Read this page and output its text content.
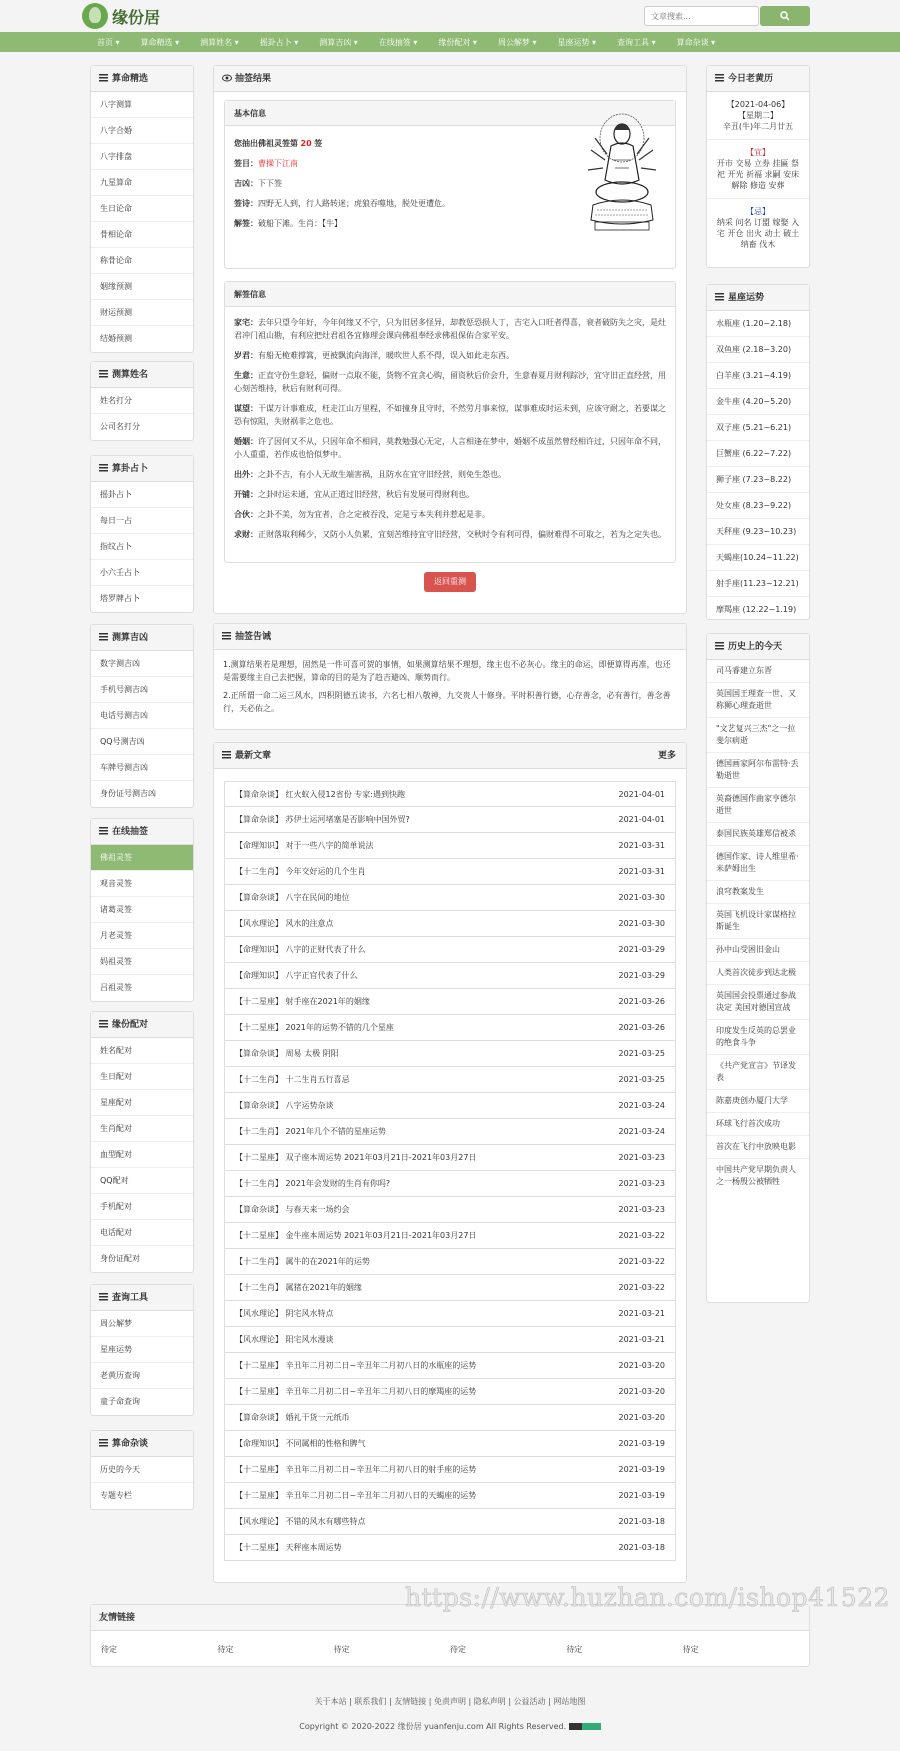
缘份居
文章搜索...
首页 ▾	算命精选 ▾	测算姓名 ▾	摇卦占卜 ▾	测算吉凶 ▾	在线抽签 ▾	缘份配对 ▾	周公解梦 ▾	星座运势 ▾	查询工具 ▾	算命杂谈 ▾
算命精选
八字测算
八字合婚
八字排盘
九星算命
生日论命
骨相论命
称骨论命
姻缘预测
财运预测
结婚预测
测算姓名
姓名打分
公司名打分
算卦占卜
摇卦占卜
每日一占
指纹占卜
小六壬占卜
塔罗牌占卜
测算吉凶
数字测吉凶
手机号测吉凶
电话号测吉凶
QQ号测吉凶
车牌号测吉凶
身份证号测吉凶
在线抽签
佛祖灵签
观音灵签
诸葛灵签
月老灵签
妈祖灵签
吕祖灵签
缘份配对
姓名配对
生日配对
星座配对
生肖配对
血型配对
QQ配对
手机配对
电话配对
身份证配对
查询工具
周公解梦
星座运势
老黄历查询
童子命查询
算命杂谈
历史的今天
专题专栏
抽签结果
基本信息
您抽出佛祖灵签第 20 签
签目：曹操下江南
吉凶：下下签
签诗：四野无人到，行人路转迷；虎狼吞噬地，脱处更遭危。
解签：破船下滩。生肖：【牛】
解签信息
家宅：去年只望今年好，今年何缘又不宁，只为旧居多怪异，却教惩恐损人丁，吉宅入口旺者得喜，衰者破防失之灾，是灶君冲门祖山勘，有利应把灶君祖各宜修理会课向佛祖奉经求佛祖保佑合家平安。
岁君：有船无桅难撑篙，更被飘流向海洋，暖吹世人系不得，误入如此走东西。
生意：正直守份生意轻，偏财一点取不能，货物不宜贪心购，留资秋后价会升，生意春夏月财利踪沙，宜守旧正直经营，用心刻苦维持，秋后有财利可得。
谋望：干谋万计事难成，枉走江山万里程，不如撞身且守时，不然劳月事来惊，谋事难成时运未到，应该守耐之，若要谋之恐有惊阻，失财祸非之危也。
婚姻：许了因何又不从，只因年命不相同，莫教勉强心无定，人言相逢在梦中，婚姻不成虽然曾经相许过，只因年命不同，小人重重，若作成也恰似梦中。
出外：之卦不吉，有小人无故生端害祸，且防水在宜守旧经营，则免生怨也。
开铺：之卦时运未通，宜从正道过旧经营，秋后有发展可得财利也。
合伙：之卦不美，勿为宜者，合之定被吞没，定是亏本失利并惹起是非。
求财：正财落取利稀少，又防小人负累，宜刻苦维持宜守旧经营，交秋时令有利可得，偏财难得不可取之，若为之定失也。
返回重测
抽签告诫

1.测算结果若是理想，固然是一件可喜可贺的事情，如果测算结果不理想，缘主也不必灰心。缘主的命运，即便算得再准，也还是需要缘主自己去把握，算命的目的是为了趋吉避凶、顺势而行。

2.正所谓一命二运三风水，四积阴德五读书，六名七相八敬神，九交贵人十修身。平时积善行德，心存善念，必有善行，善念善行，天必佑之。

最新文章	更多
【算命杂谈】 红火蚁入侵12省份 专家:遇到快跑	2021-04-01
【算命杂谈】 苏伊士运河堵塞是否影响中国外贸?	2021-04-01
【命理知识】 对于一些八字的简单说法	2021-03-31
【十二生肖】 今年交好运的几个生肖	2021-03-31
【算命杂谈】 八字在民间的地位	2021-03-30
【风水理论】 风水的注意点	2021-03-30
【命理知识】 八字的正财代表了什么	2021-03-29
【命理知识】 八字正官代表了什么	2021-03-29
【十二星座】 射手座在2021年的姻缘	2021-03-26
【十二星座】 2021年的运势不错的几个星座	2021-03-26
【算命杂谈】 周易 太极 阴阳	2021-03-25
【十二生肖】 十二生肖五行喜忌	2021-03-25
【算命杂谈】 八字运势杂谈	2021-03-24
【十二生肖】 2021年几个不错的星座运势	2021-03-24
【十二星座】 双子座本周运势 2021年03月21日-2021年03月27日	2021-03-23
【十二生肖】 2021年会发财的生肖有你吗?	2021-03-23
【算命杂谈】 与春天来一场约会	2021-03-23
【十二星座】 金牛座本周运势 2021年03月21日-2021年03月27日	2021-03-22
【十二生肖】 属牛的在2021年的运势	2021-03-22
【十二生肖】 属猪在2021年的姻缘	2021-03-22
【风水理论】 阴宅风水特点	2021-03-21
【风水理论】 阳宅风水漫谈	2021-03-21
【十二星座】 辛丑年二月初二日~辛丑年二月初八日的水瓶座的运势	2021-03-20
【十二星座】 辛丑年二月初二日~辛丑年二月初八日的摩羯座的运势	2021-03-20
【算命杂谈】 婚礼干货一元纸币	2021-03-20
【命理知识】 不同属相的性格和脾气	2021-03-19
【十二星座】 辛丑年二月初二日~辛丑年二月初八日的射手座的运势	2021-03-19
【十二星座】 辛丑年二月初二日~辛丑年二月初八日的天蝎座的运势	2021-03-19
【风水理论】 不错的风水有哪些特点	2021-03-18
【十二星座】 天秤座本周运势	2021-03-18
今日老黄历
【2021-04-06】
【星期二】
辛丑(牛)年二月廿五
【宜】
开市 交易 立券 挂匾 祭祀 开光 祈福 求嗣 安床 解除 修造 安葬
【忌】
纳采 问名 订盟 嫁娶 入宅 开仓 出火 动土 破土 纳畜 伐木
星座运势
水瓶座 (1.20~2.18)
双鱼座 (2.18~3.20)
白羊座 (3.21~4.19)
金牛座 (4.20~5.20)
双子座 (5.21~6.21)
巨蟹座 (6.22~7.22)
狮子座 (7.23~8.22)
处女座 (8.23~9.22)
天秤座 (9.23~10.23)
天蝎座(10.24~11.22)
射手座(11.23~12.21)
摩羯座 (12.22~1.19)
历史上的今天
司马睿建立东晋
英国国王理查一世、又称狮心理查逝世
"文艺复兴三杰"之一拉斐尔病逝
德国画家阿尔布雷特·丢勒逝世
英裔德国作曲家亨德尔逝世
泰国民族英雄郑信被杀
德国作家、诗人维里希·米萨姆出生
浪穹教案发生
英国飞机设计家谋格拉斯诞生
孙中山受困旧金山
人类首次徒步到达北极
英国国会投票通过参战决定 美国对德国宣战
印度发生反英的总罢业的绝食斗争
《共产党宣言》节译发表
陈嘉庚创办厦门大学
环球飞行首次成功
首次在飞行中放映电影
中国共产党早期负责人之一杨殷公被牺牲
友情链接
待定	待定	待定	待定	待定	待定
关于本站 | 联系我们 | 友情链接 | 免责声明 | 隐私声明 | 公益活动 | 网站地图
Copyright © 2020-2022 缘份居 yuanfenju.com All Rights Reserved.
https://www.huzhan.com/ishop41522
